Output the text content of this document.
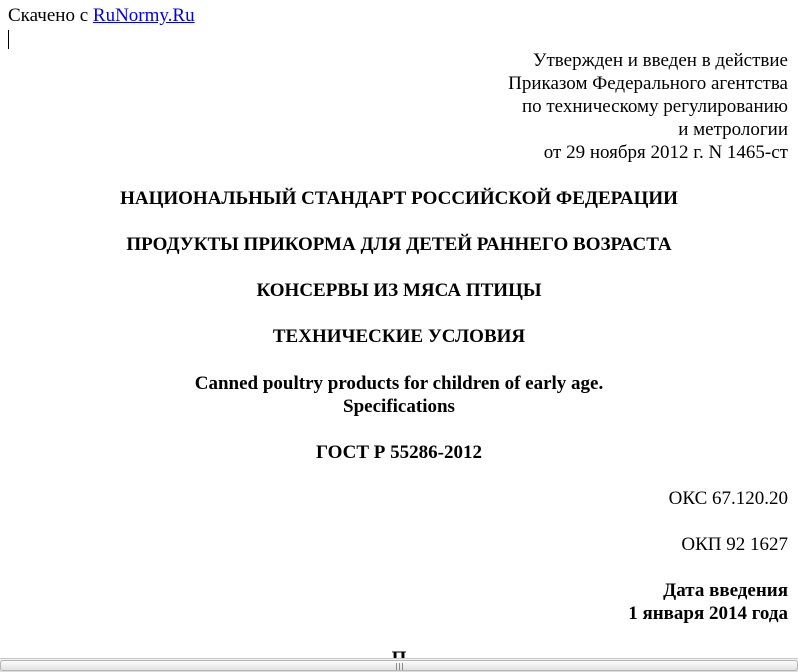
Скачено с RuNormy.Ru
Утвержден и введен в действие
Приказом Федерального агентства
по техническому регулированию
и метрологии
от 29 ноября 2012 г. N 1465-ст
НАЦИОНАЛЬНЫЙ СТАНДАРТ РОССИЙСКОЙ ФЕДЕРАЦИИ
ПРОДУКТЫ ПРИКОРМА ДЛЯ ДЕТЕЙ РАННЕГО ВОЗРАСТА
КОНСЕРВЫ ИЗ МЯСА ПТИЦЫ
ТЕХНИЧЕСКИЕ УСЛОВИЯ
Canned poultry products for children of early age.
Specifications
ГОСТ Р 55286-2012
ОКС 67.120.20
ОКП 92 1627
Дата введения
1 января 2014 года
